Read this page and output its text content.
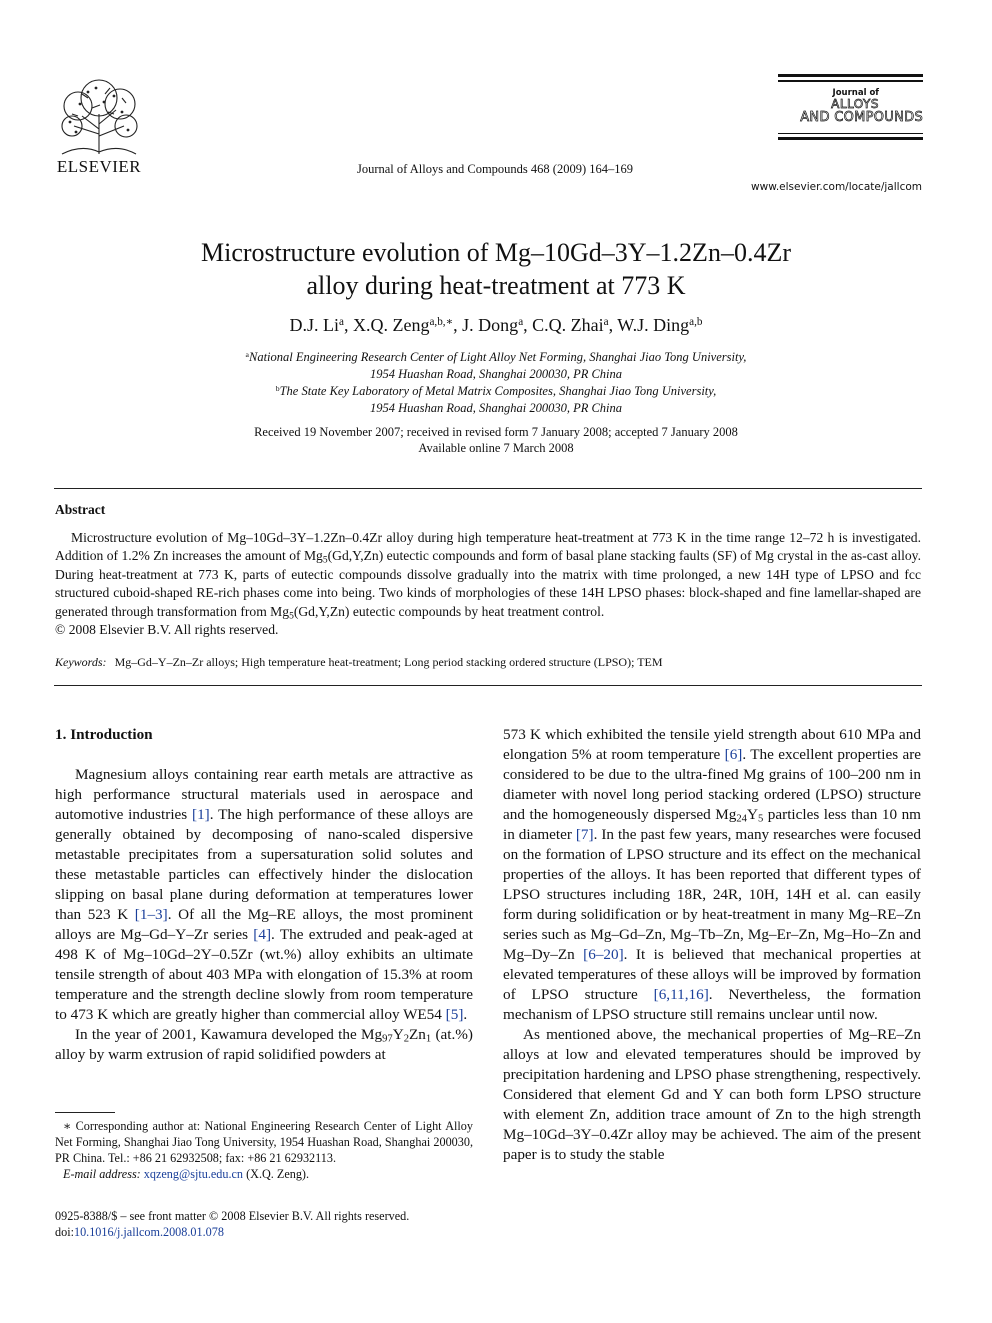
ELSEVIER	Journal of Alloys and Compounds 468 (2009) 164–169
Journal of
ALLOYS
AND COMPOUNDS
www.elsevier.com/locate/jallcom
Microstructure evolution of Mg–10Gd–3Y–1.2Zn–0.4Zr
alloy during heat-treatment at 773 K
D.J. Li$^a$, X.Q. Zeng$^{a,b,∗}$, J. Dong$^a$, C.Q. Zhai$^a$, W.J. Ding$^{a,b}$
$^a$National Engineering Research Center of Light Alloy Net Forming, Shanghai Jiao Tong University,
1954 Huashan Road, Shanghai 200030, PR China
$^b$The State Key Laboratory of Metal Matrix Composites, Shanghai Jiao Tong University,
1954 Huashan Road, Shanghai 200030, PR China
Received 19 November 2007; received in revised form 7 January 2008; accepted 7 January 2008
Available online 7 March 2008
Abstract
Microstructure evolution of Mg–10Gd–3Y–1.2Zn–0.4Zr alloy during high temperature heat-treatment at 773 K in the time range 12–72 h is investigated. Addition of 1.2% Zn increases the amount of $Mg_5(Gd,Y,Zn)$ eutectic compounds and form of basal plane stacking faults (SF) of Mg crystal in the as-cast alloy. During heat-treatment at 773 K, parts of eutectic compounds dissolve gradually into the matrix with time prolonged, a new 14H type of LPSO and fcc structured cuboid-shaped RE-rich phases come into being. Two kinds of morphologies of these 14H LPSO phases: block-shaped and fine lamellar-shaped are generated through transformation from $Mg_5(Gd,Y,Zn)$ eutectic compounds by heat treatment control.
© 2008 Elsevier B.V. All rights reserved.
Keywords: Mg–Gd–Y–Zn–Zr alloys; High temperature heat-treatment; Long period stacking ordered structure (LPSO); TEM
1. Introduction

Magnesium alloys containing rear earth metals are attractive as high performance structural materials used in aerospace and automotive industries [1]. The high performance of these alloys are generally obtained by decomposing of nano-scaled dispersive metastable precipitates from a supersaturation solid solutes and these metastable particles can effectively hinder the dislocation slipping on basal plane during deformation at temperatures lower than 523 K [1–3]. Of all the Mg–RE alloys, the most prominent alloys are Mg–Gd–Y–Zr series [4]. The extruded and peak-aged at 498 K of Mg–10Gd–2Y–0.5Zr (wt.%) alloy exhibits an ultimate tensile strength of about 403 MPa with elongation of 15.3% at room temperature and the strength decline slowly from room temperature to 473 K which are greatly higher than commercial alloy WE54 [5].

In the year of 2001, Kawamura developed the $Mg_{97}Y_2Zn_1$ (at.%) alloy by warm extrusion of rapid solidified powders at

573 K which exhibited the tensile yield strength about 610 MPa and elongation 5% at room temperature [6]. The excellent properties are considered to be due to the ultra-fined Mg grains of 100–200 nm in diameter with novel long period stacking ordered (LPSO) structure and the homogeneously dispersed $Mg_{24}Y_5$ particles less than 10 nm in diameter [7]. In the past few years, many researches were focused on the formation of LPSO structure and its effect on the mechanical properties of the alloys. It has been reported that different types of LPSO structures including 18R, 24R, 10H, 14H et al. can easily form during solidification or by heat-treatment in many Mg–RE–Zn series such as Mg–Gd–Zn, Mg–Tb–Zn, Mg–Er–Zn, Mg–Ho–Zn and Mg–Dy–Zn [6–20]. It is believed that mechanical properties at elevated temperatures of these alloys will be improved by formation of LPSO structure [6,11,16]. Nevertheless, the formation mechanism of LPSO structure still remains unclear until now.

As mentioned above, the mechanical properties of Mg–RE–Zn alloys at low and elevated temperatures should be improved by precipitation hardening and LPSO phase strengthening, respectively. Considered that element Gd and Y can both form LPSO structure with element Zn, addition trace amount of Zn to the high strength Mg–10Gd–3Y–0.4Zr alloy may be achieved. The aim of the present paper is to study the stable

∗ Corresponding author at: National Engineering Research Center of Light Alloy Net Forming, Shanghai Jiao Tong University, 1954 Huashan Road, Shanghai 200030, PR China. Tel.: +86 21 62932508; fax: +86 21 62932113.
E-mail address: xqzeng@sjtu.edu.cn (X.Q. Zeng).
0925-8388/$ – see front matter © 2008 Elsevier B.V. All rights reserved.
doi:10.1016/j.jallcom.2008.01.078
